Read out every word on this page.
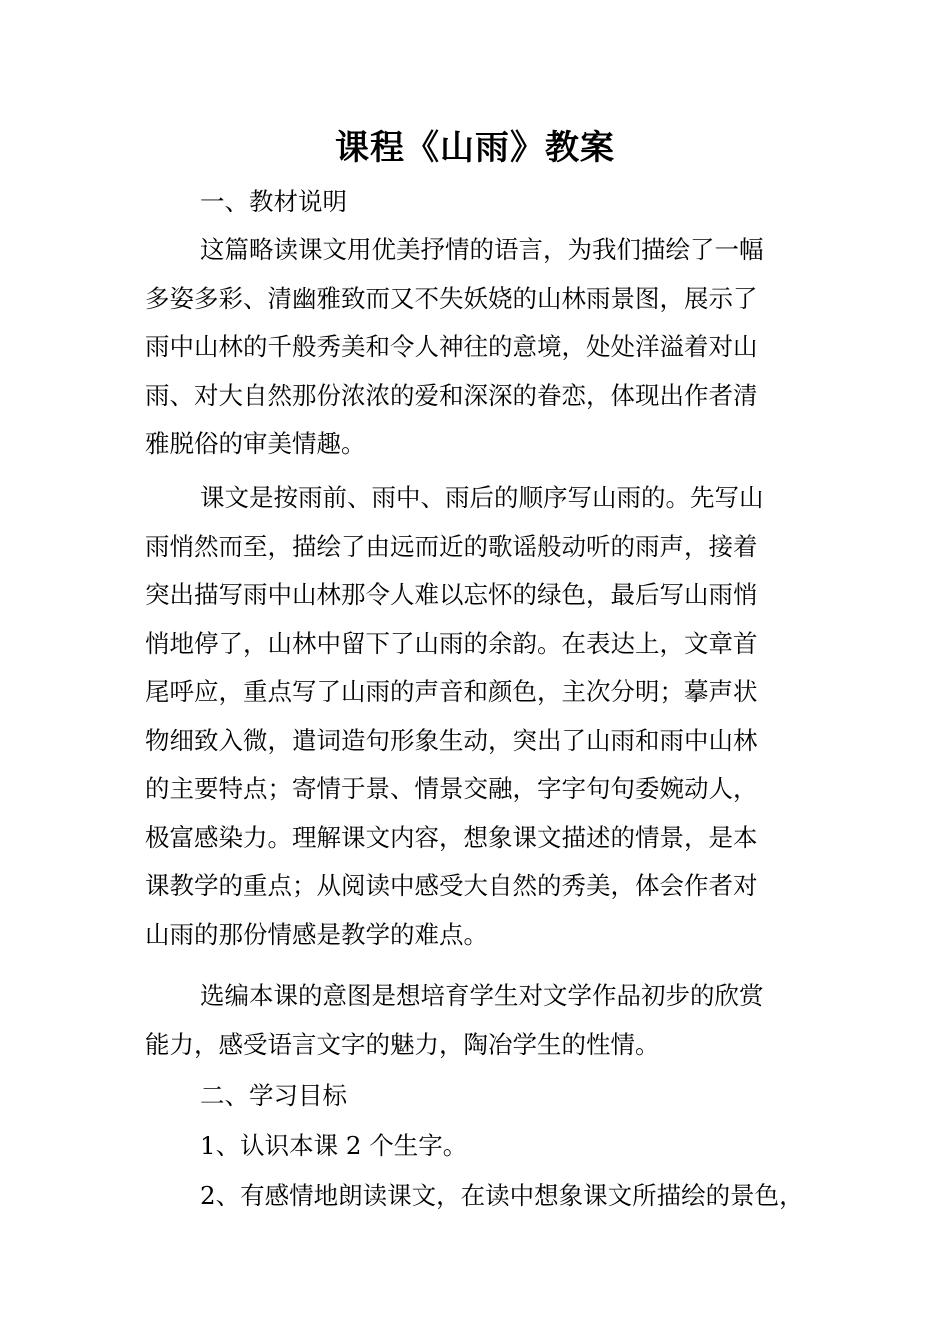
课程《山雨》教案
一、教材说明
这篇略读课文用优美抒情的语言，为我们描绘了一幅
多姿多彩、清幽雅致而又不失妖娆的山林雨景图，展示了
雨中山林的千般秀美和令人神往的意境，处处洋溢着对山
雨、对大自然那份浓浓的爱和深深的眷恋，体现出作者清
雅脱俗的审美情趣。
课文是按雨前、雨中、雨后的顺序写山雨的。先写山
雨悄然而至，描绘了由远而近的歌谣般动听的雨声，接着
突出描写雨中山林那令人难以忘怀的绿色，最后写山雨悄
悄地停了，山林中留下了山雨的余韵。在表达上，文章首
尾呼应，重点写了山雨的声音和颜色，主次分明；摹声状
物细致入微，遣词造句形象生动，突出了山雨和雨中山林
的主要特点；寄情于景、情景交融，字字句句委婉动人，
极富感染力。理解课文内容，想象课文描述的情景，是本
课教学的重点；从阅读中感受大自然的秀美，体会作者对
山雨的那份情感是教学的难点。
选编本课的意图是想培育学生对文学作品初步的欣赏
能力，感受语言文字的魅力，陶冶学生的性情。
二、学习目标
1、认识本课 2 个生字。
2、有感情地朗读课文，在读中想象课文所描绘的景色，
